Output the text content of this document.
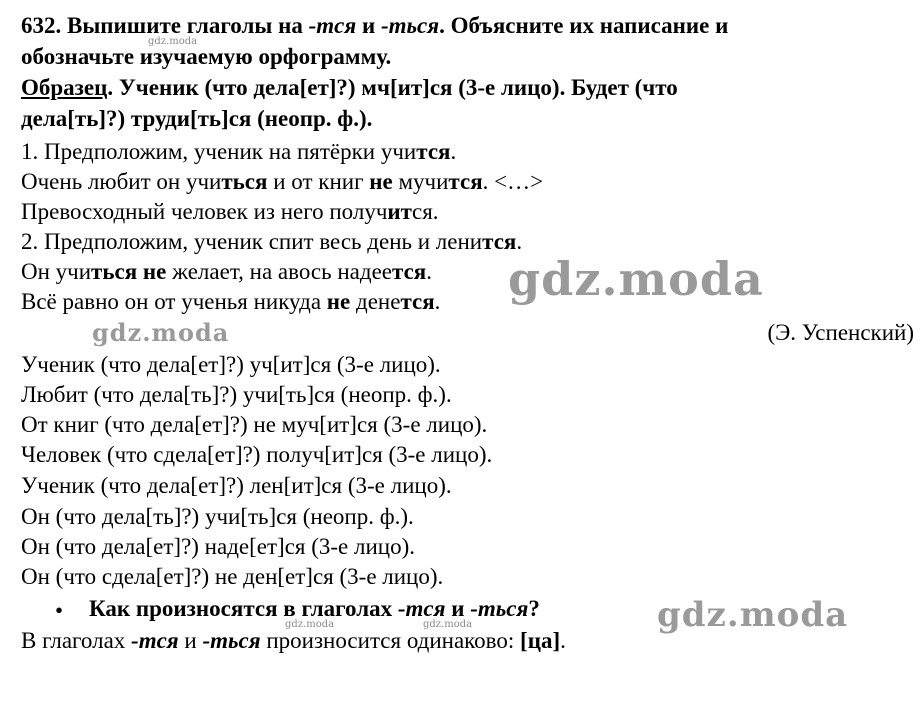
632. Выпишите глаголы на -тся и -ться. Объясните их написание и
обозначьте изучаемую орфограмму.
Образец. Ученик (что дела[ет]?) мч[ит]ся (3-е лицо). Будет (что
дела[ть]?) труди[ть]ся (неопр. ф.).
1. Предположим, ученик на пятёрки учится.
Очень любит он учиться и от книг не мучится. <…>
Превосходный человек из него получится.
2. Предположим, ученик спит весь день и ленится.
Он учиться не желает, на авось надеется.
Всё равно он от ученья никуда не денется.
(Э. Успенский)
Ученик (что дела[ет]?) уч[ит]ся (3-е лицо).
Любит (что дела[ть]?) учи[ть]ся (неопр. ф.).
От книг (что дела[ет]?) не муч[ит]ся (3-е лицо).
Человек (что сдела[ет]?) получ[ит]ся (3-е лицо).
Ученик (что дела[ет]?) лен[ит]ся (3-е лицо).
Он (что дела[ть]?) учи[ть]ся (неопр. ф.).
Он (что дела[ет]?) наде[ет]ся (3-е лицо).
Он (что сдела[ет]?) не ден[ет]ся (3-е лицо).
• Как произносятся в глаголах -тся и -ться?
В глаголах -тся и -ться произносится одинаково: [ца].
gdz.moda
gdz.moda
gdz.moda
gdz.moda
gdz.moda	gdz.moda
